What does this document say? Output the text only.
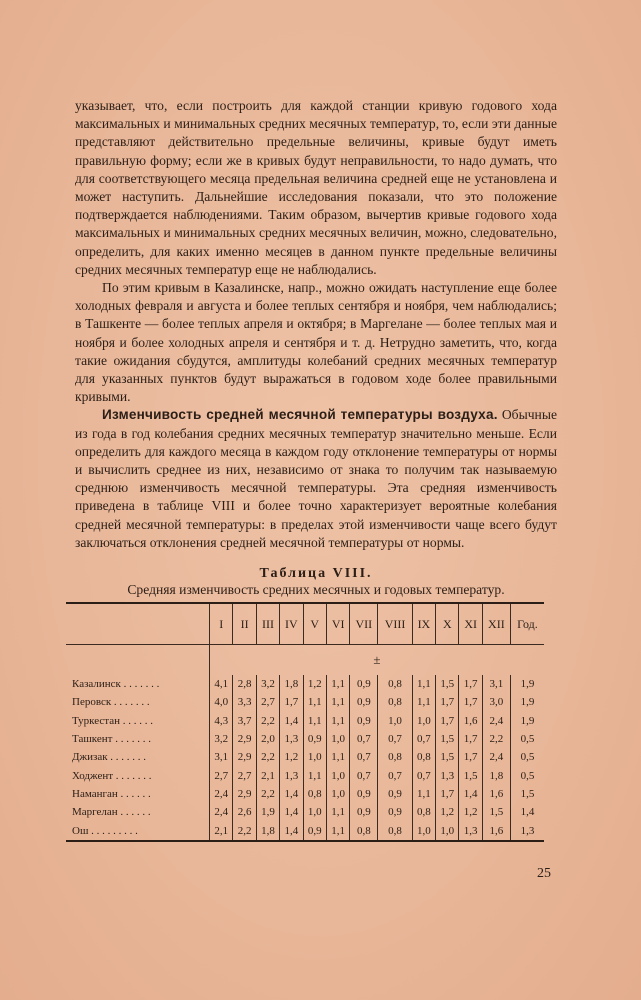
указывает, что, если построить для каждой станции кривую годового хода максимальных и минимальных средних месячных температур, то, если эти данные представляют действительно предельные величины, кривые будут иметь правильную форму; если же в кривых будут неправильности, то надо думать, что для соответствующего месяца предельная величина средней еще не установлена и может наступить. Дальнейшие исследования показали, что это положение подтверждается наблюдениями. Таким образом, вычертив кривые годового хода максимальных и минимальных средних месячных величин, можно, следовательно, определить, для каких именно месяцев в данном пункте предельные величины средних месячных температур еще не наблюдались.

По этим кривым в Казалинске, напр., можно ожидать наступление еще более холодных февраля и августа и более теплых сентября и ноября, чем наблюдались; в Ташкенте — более теплых апреля и октября; в Маргелане — более теплых мая и ноября и более холодных апреля и сентября и т. д. Нетрудно заметить, что, когда такие ожидания сбудутся, амплитуды колебаний средних месячных температур для указанных пунктов будут выражаться в годовом ходе более правильными кривыми.

Изменчивость средней месячной температуры воздуха. Обычные из года в год колебания средних месячных температур значительно меньше. Если определить для каждого месяца в каждом году отклонение температуры от нормы и вычислить среднее из них, независимо от знака то получим так называемую среднюю изменчивость месячной температуры. Эта средняя изменчивость приведена в таблице VIII и более точно характеризует вероятные колебания средней месячной температуры: в пределах этой изменчивости чаще всего будут заключаться отклонения средней месячной температуры от нормы.

Таблица VIII.
Средняя изменчивость средних месячных и годовых температур.
	I	II	III	IV	V	VI	VII	VIII	IX	X	XI	XII	Год.
	±												
Казалинск . . . . . . .	4,1	2,8	3,2	1,8	1,2	1,1	0,9	0,8	1,1	1,5	1,7	3,1	1,9
Перовск . . . . . . .	4,0	3,3	2,7	1,7	1,1	1,1	0,9	0,8	1,1	1,7	1,7	3,0	1,9
Туркестан . . . . . .	4,3	3,7	2,2	1,4	1,1	1,1	0,9	1,0	1,0	1,7	1,6	2,4	1,9
Ташкент . . . . . . .	3,2	2,9	2,0	1,3	0,9	1,0	0,7	0,7	0,7	1,5	1,7	2,2	0,5
Джизак . . . . . . .	3,1	2,9	2,2	1,2	1,0	1,1	0,7	0,8	0,8	1,5	1,7	2,4	0,5
Ходжент . . . . . . .	2,7	2,7	2,1	1,3	1,1	1,0	0,7	0,7	0,7	1,3	1,5	1,8	0,5
Наманган . . . . . .	2,4	2,9	2,2	1,4	0,8	1,0	0,9	0,9	1,1	1,7	1,4	1,6	1,5
Маргелан . . . . . .	2,4	2,6	1,9	1,4	1,0	1,1	0,9	0,9	0,8	1,2	1,2	1,5	1,4
Ош . . . . . . . . .	2,1	2,2	1,8	1,4	0,9	1,1	0,8	0,8	1,0	1,0	1,3	1,6	1,3
25
